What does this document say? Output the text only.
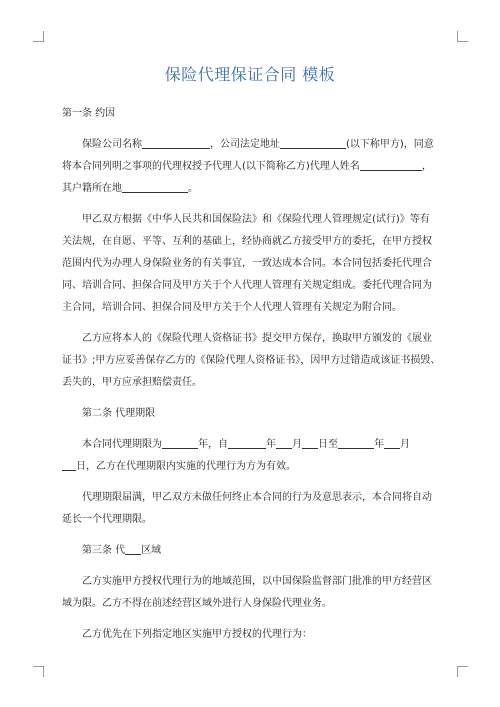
保险代理保证合同 模板
第一条 约因
保险公司名称	，公司法定地址	(以下称甲方)，同意
将本合同列明之事项的代理权授予代理人(以下简称乙方)代理人姓名	，
其户籍所在地	。
甲乙双方根据《中华人民共和国保险法》和《保险代理人管理规定(试行)》等有
关法规，在自愿、平等、互利的基础上，经协商就乙方接受甲方的委托，在甲方授权
范围内代为办理人身保险业务的有关事宜，一致达成本合同。本合同包括委托代理合
同、培训合同、担保合同及甲方关于个人代理人管理有关规定组成。委托代理合同为
主合同，培训合同、担保合同及甲方关于个人代理人管理有关规定为附合同。
乙方应将本人的《保险代理人资格证书》提交甲方保存，换取甲方颁发的《展业
证书》;甲方应妥善保存乙方的《保险代理人资格证书》，因甲方过错造成该证书损毁、
丢失的，甲方应承担赔偿责任。
第二条 代理期限
本合同代理期限为	年，自	年 月 日至	年 月
日，乙方在代理期限内实施的代理行为方为有效。
代理期限届满，甲乙双方未做任何终止本合同的行为及意思表示，本合同将自动
延长一个代理期限。
第三条 代 区域
乙方实施甲方授权代理行为的地域范围，以中国保险监督部门批准的甲方经营区
域为限。乙方不得在前述经营区域外进行人身保险代理业务。
乙方优先在下列指定地区实施甲方授权的代理行为：
